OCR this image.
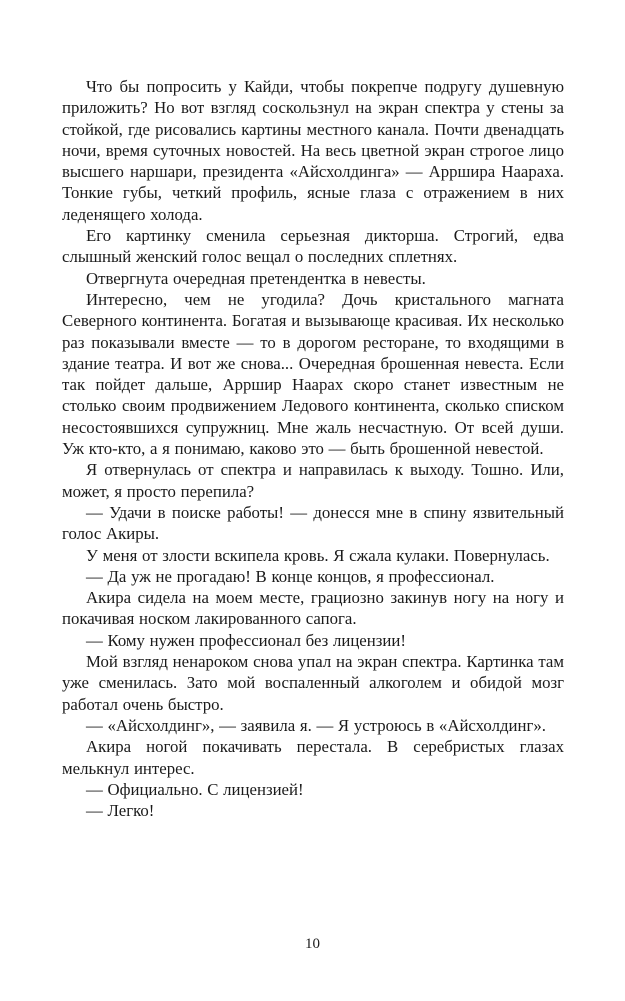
Что бы попросить у Кайди, чтобы покрепче подругу душевную приложить? Но вот взгляд соскользнул на экран спектра у стены за стойкой, где рисовались картины местного канала. Почти двенадцать ночи, время суточных новостей. На весь цветной экран строгое лицо высшего наршари, президента «Айсхолдинга» — Арршира Наараха. Тонкие губы, четкий профиль, ясные глаза с отражением в них леденящего холода.

Его картинку сменила серьезная дикторша. Строгий, едва слышный женский голос вещал о последних сплетнях.

Отвергнута очередная претендентка в невесты.

Интересно, чем не угодила? Дочь кристального магната Северного континента. Богатая и вызывающе красивая. Их несколько раз показывали вместе — то в дорогом ресторане, то входящими в здание театра. И вот же снова... Очередная брошенная невеста. Если так пойдет дальше, Арршир Наарах скоро станет известным не столько своим продвижением Ледового континента, сколько списком несостоявшихся супружниц. Мне жаль несчастную. От всей души. Уж кто-кто, а я понимаю, каково это — быть брошенной невестой.

Я отвернулась от спектра и направилась к выходу. Тошно. Или, может, я просто перепила?

— Удачи в поиске работы! — донесся мне в спину язвительный голос Акиры.

У меня от злости вскипела кровь. Я сжала кулаки. Повернулась.

— Да уж не прогадаю! В конце концов, я профессионал.

Акира сидела на моем месте, грациозно закинув ногу на ногу и покачивая носком лакированного сапога.

— Кому нужен профессионал без лицензии!

Мой взгляд ненароком снова упал на экран спектра. Картинка там уже сменилась. Зато мой воспаленный алкоголем и обидой мозг работал очень быстро.

— «Айсхолдинг», — заявила я. — Я устроюсь в «Айсхолдинг».

Акира ногой покачивать перестала. В серебристых глазах мелькнул интерес.

— Официально. С лицензией!

— Легко!

10
